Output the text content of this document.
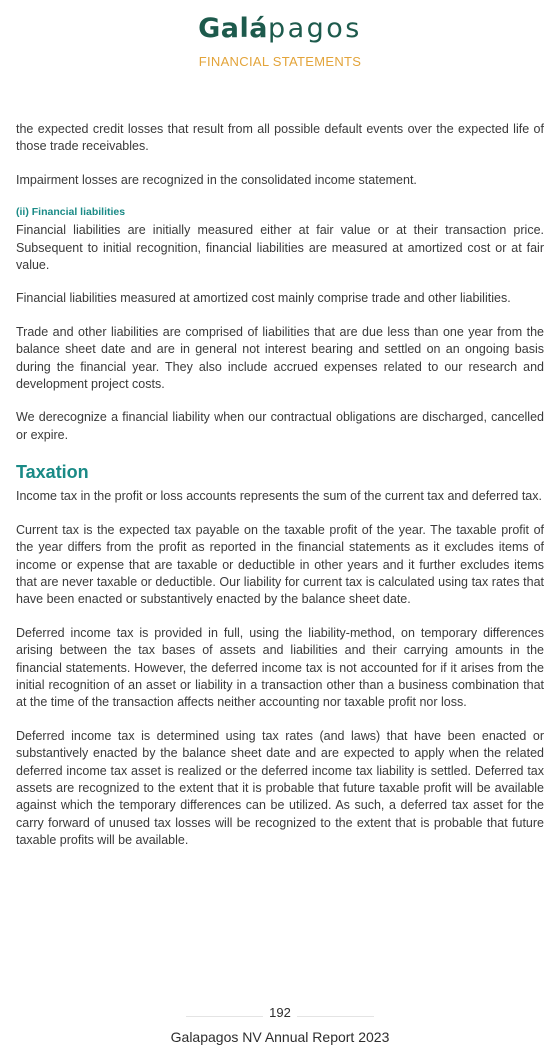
Galápagos
FINANCIAL STATEMENTS

the expected credit losses that result from all possible default events over the expected life of those trade receivables.

Impairment losses are recognized in the consolidated income statement.

(ii) Financial liabilities

Financial liabilities are initially measured either at fair value or at their transaction price. Subsequent to initial recognition, financial liabilities are measured at amortized cost or at fair value.

Financial liabilities measured at amortized cost mainly comprise trade and other liabilities.

Trade and other liabilities are comprised of liabilities that are due less than one year from the balance sheet date and are in general not interest bearing and settled on an ongoing basis during the financial year. They also include accrued expenses related to our research and development project costs.

We derecognize a financial liability when our contractual obligations are discharged, cancelled or expire.

Taxation

Income tax in the profit or loss accounts represents the sum of the current tax and deferred tax.

Current tax is the expected tax payable on the taxable profit of the year. The taxable profit of the year differs from the profit as reported in the financial statements as it excludes items of income or expense that are taxable or deductible in other years and it further excludes items that are never taxable or deductible. Our liability for current tax is calculated using tax rates that have been enacted or substantively enacted by the balance sheet date.

Deferred income tax is provided in full, using the liability-method, on temporary differences arising between the tax bases of assets and liabilities and their carrying amounts in the financial statements. However, the deferred income tax is not accounted for if it arises from the initial recognition of an asset or liability in a transaction other than a business combination that at the time of the transaction affects neither accounting nor taxable profit nor loss.

Deferred income tax is determined using tax rates (and laws) that have been enacted or substantively enacted by the balance sheet date and are expected to apply when the related deferred income tax asset is realized or the deferred income tax liability is settled. Deferred tax assets are recognized to the extent that it is probable that future taxable profit will be available against which the temporary differences can be utilized. As such, a deferred tax asset for the carry forward of unused tax losses will be recognized to the extent that is probable that future taxable profits will be available.

192
Galapagos NV Annual Report 2023
